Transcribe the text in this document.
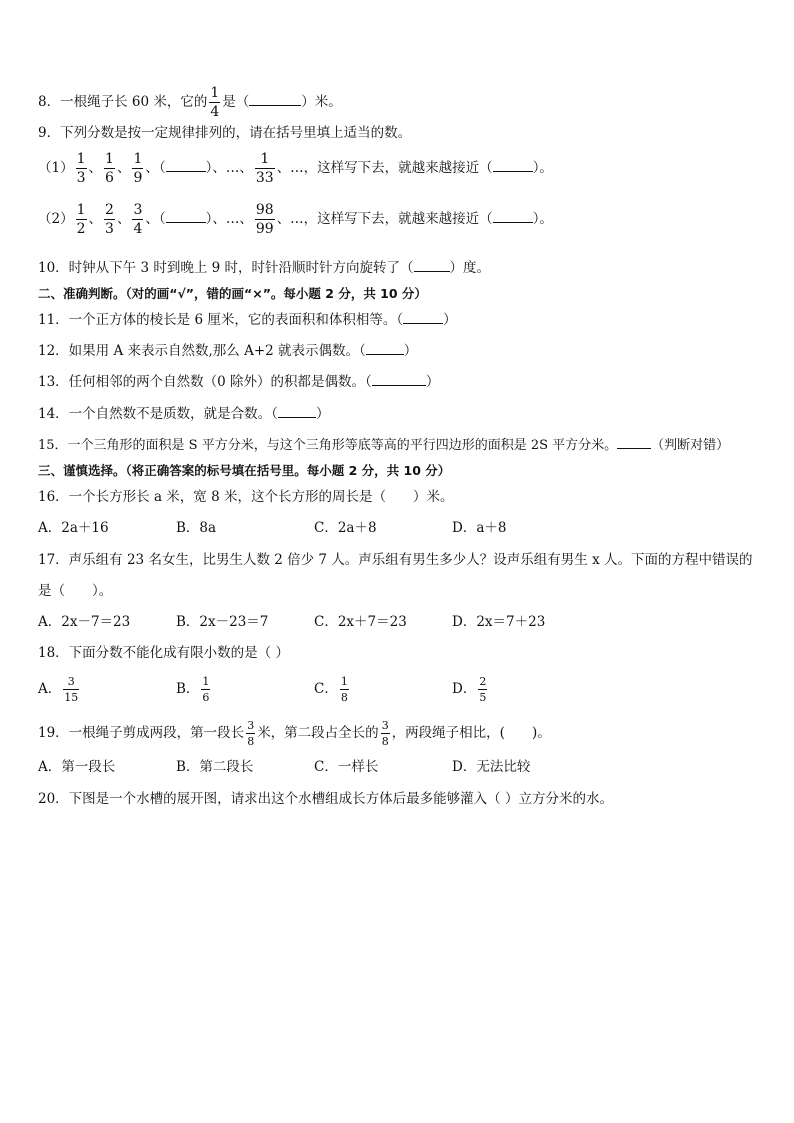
8．一根绳子长 60 米，它的 $\frac{1}{4}$ 是（	）米。
9．下列分数是按一定规律排列的，请在括号里填上适当的数。
$(1) \frac{1}{3}$ 、 $\frac{1}{6}$ 、 $\frac{1}{9}$ 、（	）、…、 $\frac{1}{33}$ 、…，这样写下去，就越来越接近（	）。
$(2) \frac{1}{2}$ 、 $\frac{2}{3}$ 、 $\frac{3}{4}$ 、（	）、…、 $\frac{98}{99}$ 、…，这样写下去，就越来越接近（	）。
10．时钟从下午 3 时到晚上 9 时，时针沿顺时针方向旋转了（	）度。
二、准确判断。（对的画“√”，错的画“×”。每小题 2 分，共 10 分）
11．一个正方体的棱长是 6 厘米，它的表面积和体积相等。（	）
12．如果用 A 来表示自然数,那么 A+2 就表示偶数。（	）
13．任何相邻的两个自然数（0 除外）的积都是偶数。（	）
14．一个自然数不是质数，就是合数。（	）
15．一个三角形的面积是 S 平方分米，与这个三角形等底等高的平行四边形的面积是 2S 平方分米。	（判断对错）
三、谨慎选择。（将正确答案的标号填在括号里。每小题 2 分，共 10 分）
16．一个长方形长 a 米，宽 8 米，这个长方形的周长是（　　）米。
A．2a＋16	B．8a	C．2a＋8	D．a＋8
17．声乐组有 23 名女生，比男生人数 2 倍少 7 人。声乐组有男生多少人？设声乐组有男生 x 人。下面的方程中错误的
是（　　）。
A．2x－7＝23	B．2x－23＝7	C．2x＋7＝23	D．2x＝7＋23
18．下面分数不能化成有限小数的是（ ）
A． $\frac{3}{15}$	B． $\frac{1}{6}$	C． $\frac{1}{8}$	D． $\frac{2}{5}$
19．一根绳子剪成两段，第一段长 $\frac{3}{8}$ 米，第二段占全长的 $\frac{3}{8}$ ，两段绳子相比，(　　)。
A．第一段长	B．第二段长	C．一样长	D．无法比较
20．下图是一个水槽的展开图，请求出这个水槽组成长方体后最多能够灌入（ ）立方分米的水。
